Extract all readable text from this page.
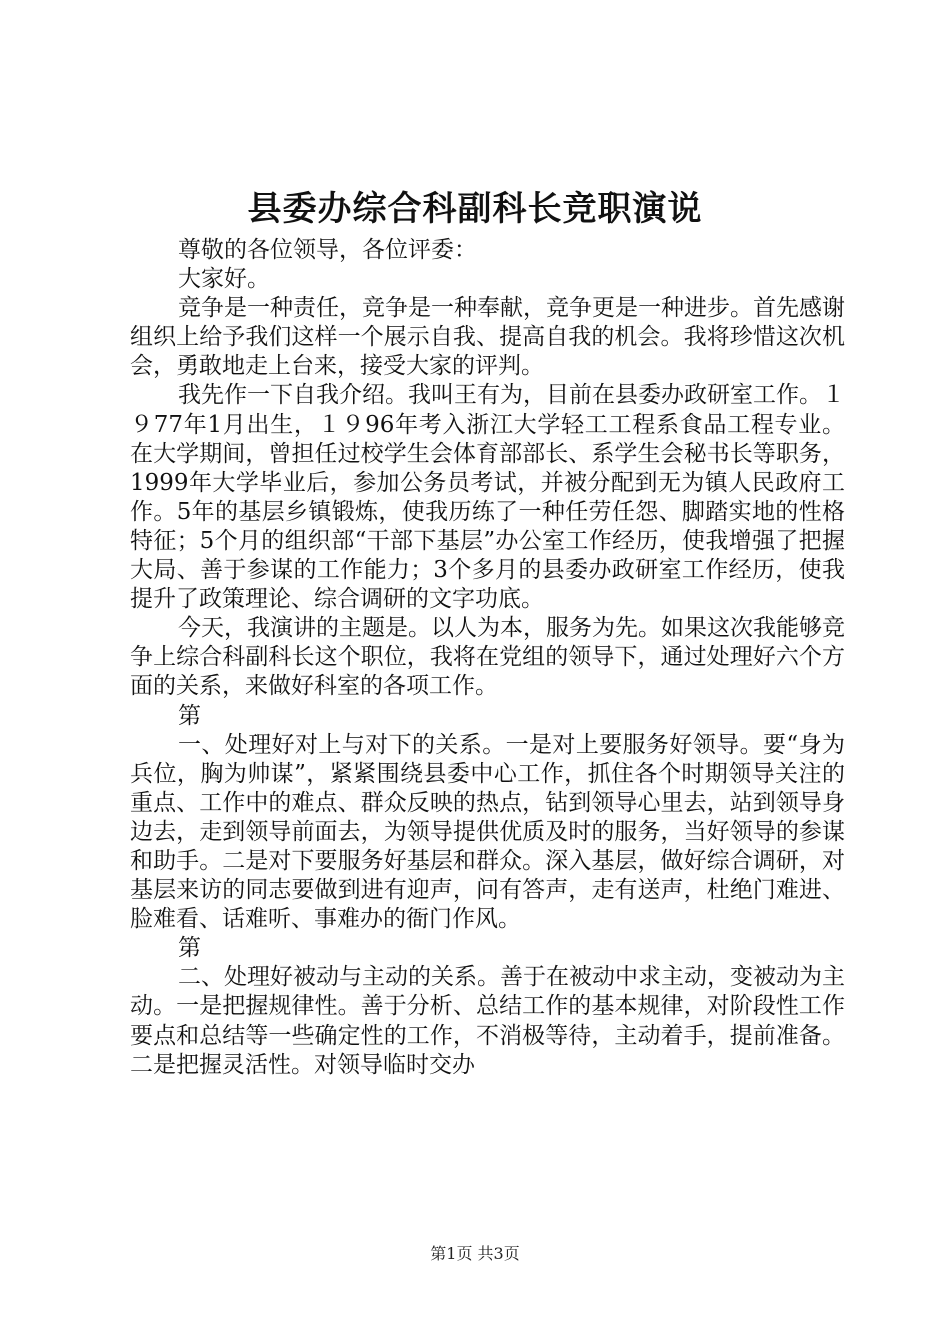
县委办综合科副科长竞职演说

尊敬的各位领导，各位评委：

大家好。

竞争是一种责任，竞争是一种奉献，竞争更是一种进步。首先感谢组织上给予我们这样一个展示自我、提高自我的机会。我将珍惜这次机会，勇敢地走上台来，接受大家的评判。

我先作一下自我介绍。我叫王有为，目前在县委办政研室工作。１９77年1月出生，１９96年考入浙江大学轻工工程系食品工程专业。在大学期间，曾担任过校学生会体育部部长、系学生会秘书长等职务，1999年大学毕业后，参加公务员考试，并被分配到无为镇人民政府工作。5年的基层乡镇锻炼，使我历练了一种任劳任怨、脚踏实地的性格特征；5个月的组织部“干部下基层”办公室工作经历，使我增强了把握大局、善于参谋的工作能力；3个多月的县委办政研室工作经历，使我提升了政策理论、综合调研的文字功底。

今天，我演讲的主题是。以人为本，服务为先。如果这次我能够竞争上综合科副科长这个职位，我将在党组的领导下，通过处理好六个方面的关系，来做好科室的各项工作。

第

一、处理好对上与对下的关系。一是对上要服务好领导。要“身为兵位，胸为帅谋”，紧紧围绕县委中心工作，抓住各个时期领导关注的重点、工作中的难点、群众反映的热点，钻到领导心里去，站到领导身边去，走到领导前面去，为领导提供优质及时的服务，当好领导的参谋和助手。二是对下要服务好基层和群众。深入基层，做好综合调研，对基层来访的同志要做到进有迎声，问有答声，走有送声，杜绝门难进、脸难看、话难听、事难办的衙门作风。

第

二、处理好被动与主动的关系。善于在被动中求主动，变被动为主动。一是把握规律性。善于分析、总结工作的基本规律，对阶段性工作要点和总结等一些确定性的工作，不消极等待，主动着手，提前准备。二是把握灵活性。对领导临时交办

第1页 共3页
